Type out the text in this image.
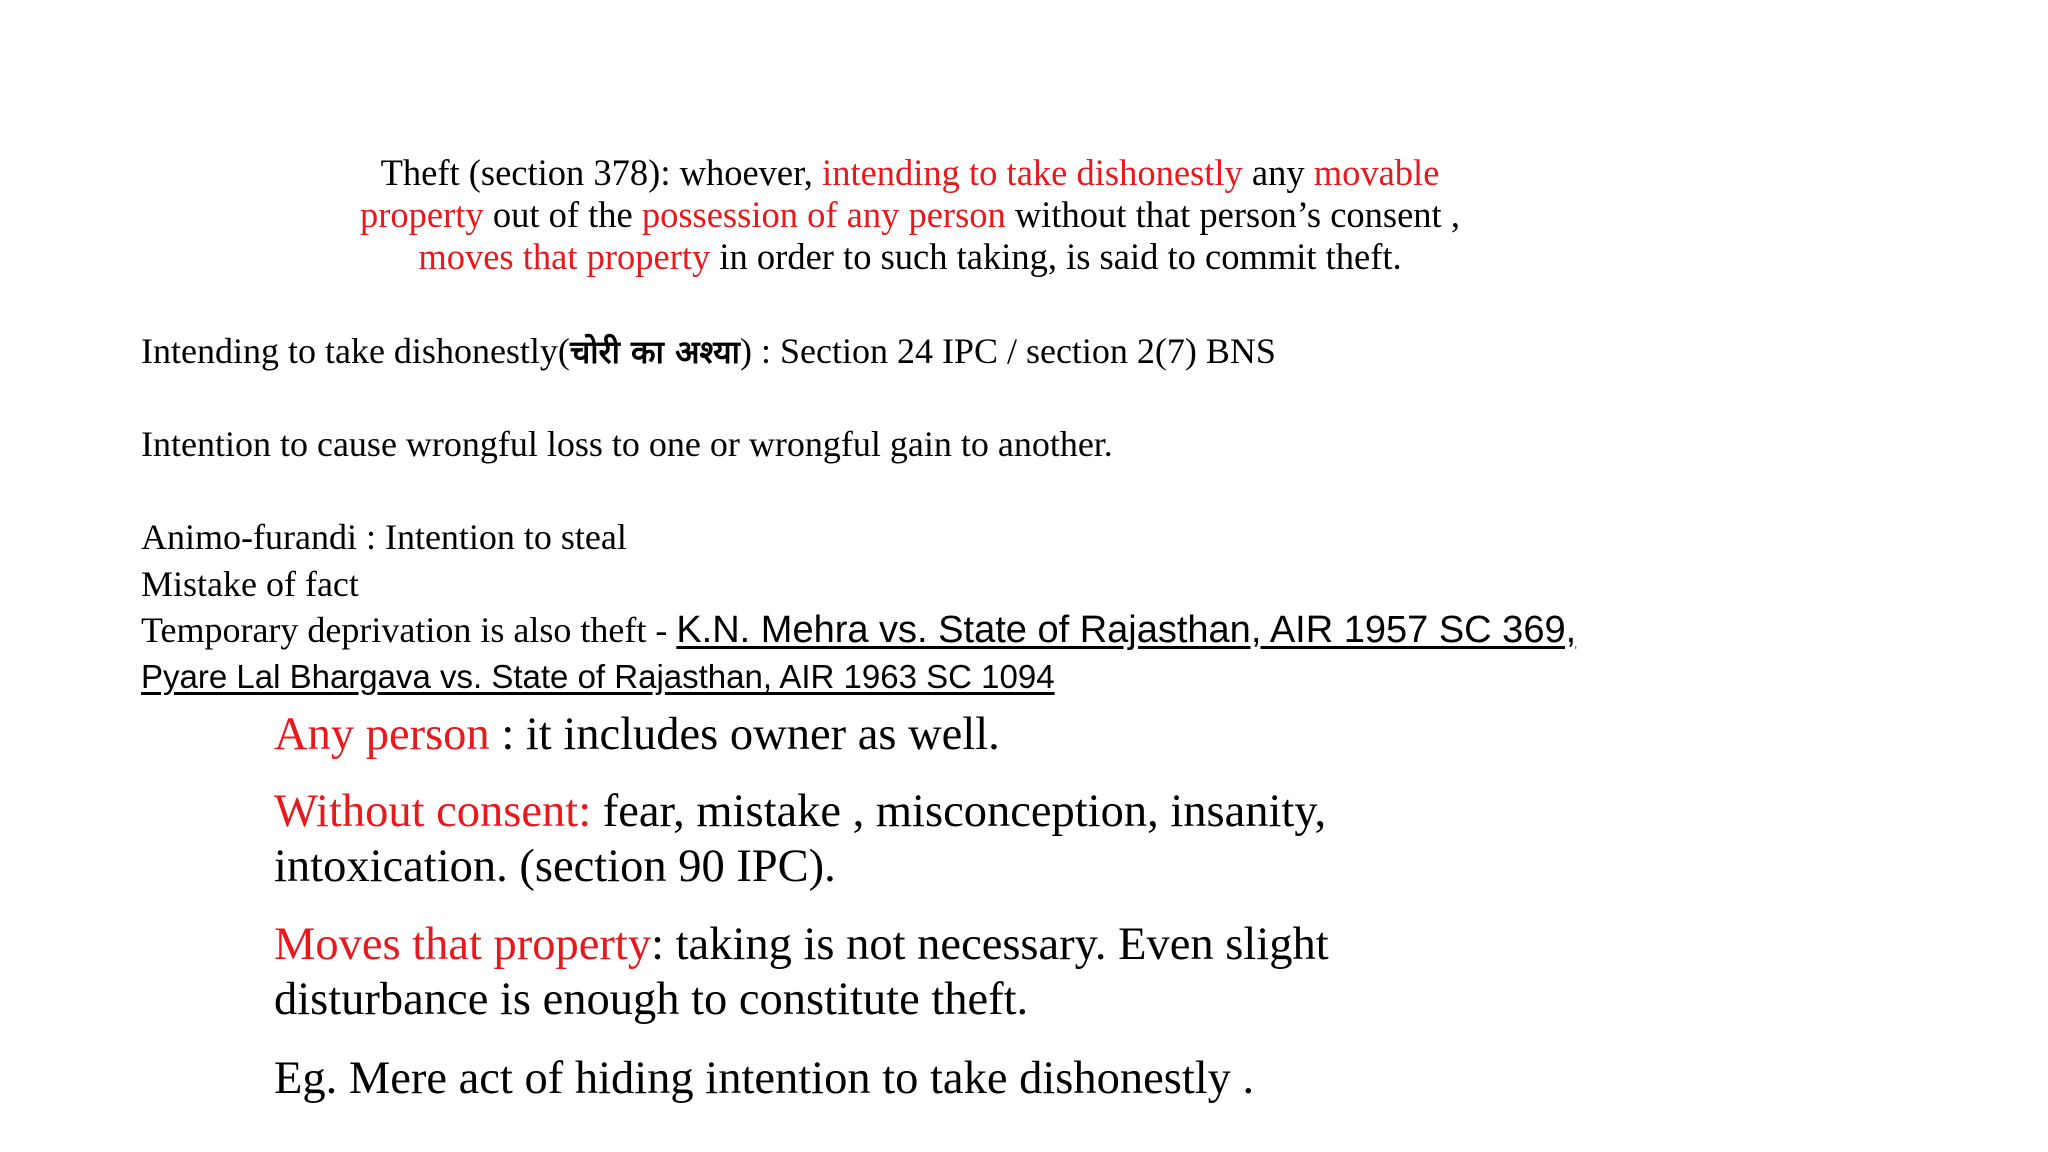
Theft (section 378): whoever, intending to take dishonestly any movable
property out of the possession of any person without that person’s consent ,
moves that property in order to such taking, is said to commit theft.
Intending to take dishonestly(चोरी का अश्या) : Section 24 IPC / section 2(7) BNS
Intention to cause wrongful loss to one or wrongful gain to another.
Animo-furandi : Intention to steal
Mistake of fact
Temporary deprivation is also theft - K.N. Mehra vs. State of Rajasthan, AIR 1957 SC 369,
Pyare Lal Bhargava vs. State of Rajasthan, AIR 1963 SC 1094
Any person : it includes owner as well.
Without consent: fear, mistake , misconception, insanity,
intoxication. (section 90 IPC).
Moves that property: taking is not necessary. Even slight
disturbance is enough to constitute theft.
Eg. Mere act of hiding intention to take dishonestly .
